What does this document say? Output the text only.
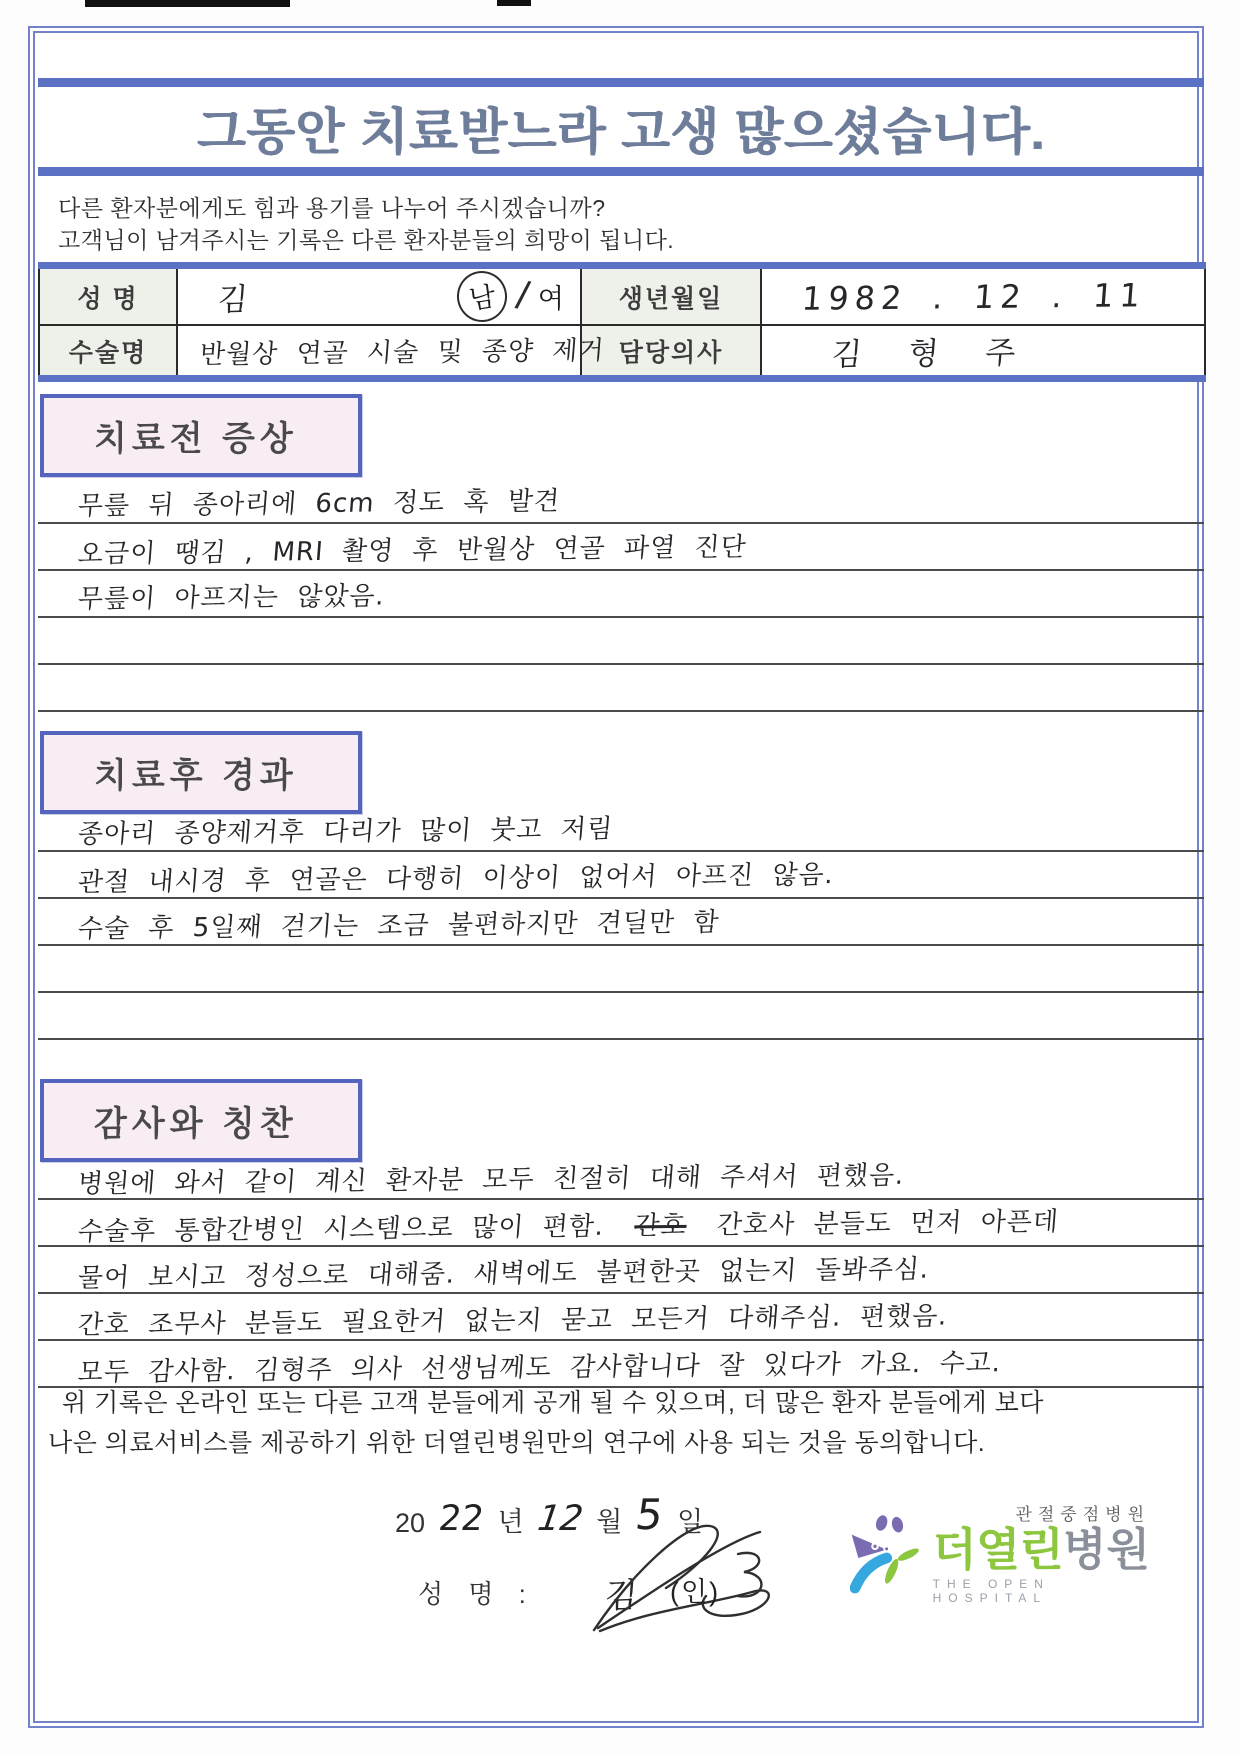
그동안 치료받느라 고생 많으셨습니다.
다른 환자분에게도 힘과 용기를 나누어 주시겠습니까?
고객님이 남겨주시는 기록은 다른 환자분들의 희망이 됩니다.
성 명	김 남 / 여	생년월일	1982 . 12 . 11
수술명	반월상 연골 시술 및 종양 제거	담당의사	김 형 주
치료전 증상
무릎 뒤 종아리에 6cm 정도 혹 발견
오금이 땡김 , MRI 촬영 후 반월상 연골 파열 진단
무릎이 아프지는 않았음.
치료후 경과
종아리 종양제거후 다리가 많이 붓고 저림
관절 내시경 후 연골은 다행히 이상이 없어서 아프진 않음.
수술 후 5일째 걷기는 조금 불편하지만 견딜만 함
감사와 칭찬
병원에 와서 같이 계신 환자분 모두 친절히 대해 주셔서 편했음.
수술후 통합간병인 시스템으로 많이 편함. 간호 간호사 분들도 먼저 아픈데
물어 보시고 정성으로 대해줌. 새벽에도 불편한곳 없는지 돌봐주심.
간호 조무사 분들도 필요한거 없는지 묻고 모든거 다해주심. 편했음.
모두 감사함. 김형주 의사 선생님께도 감사합니다 잘 있다가 가요. 수고.
위 기록은 온라인 또는 다른 고객 분들에게 공개 될 수 있으며, 더 많은 환자 분들에게 보다
나은 의료서비스를 제공하기 위한 더열린병원만의 연구에 사용 되는 것을 동의합니다.
20 22 년 12 월 5 일
성 명 : 김 (인)
관절중점병원
더열린병원
THE OPEN HOSPITAL
